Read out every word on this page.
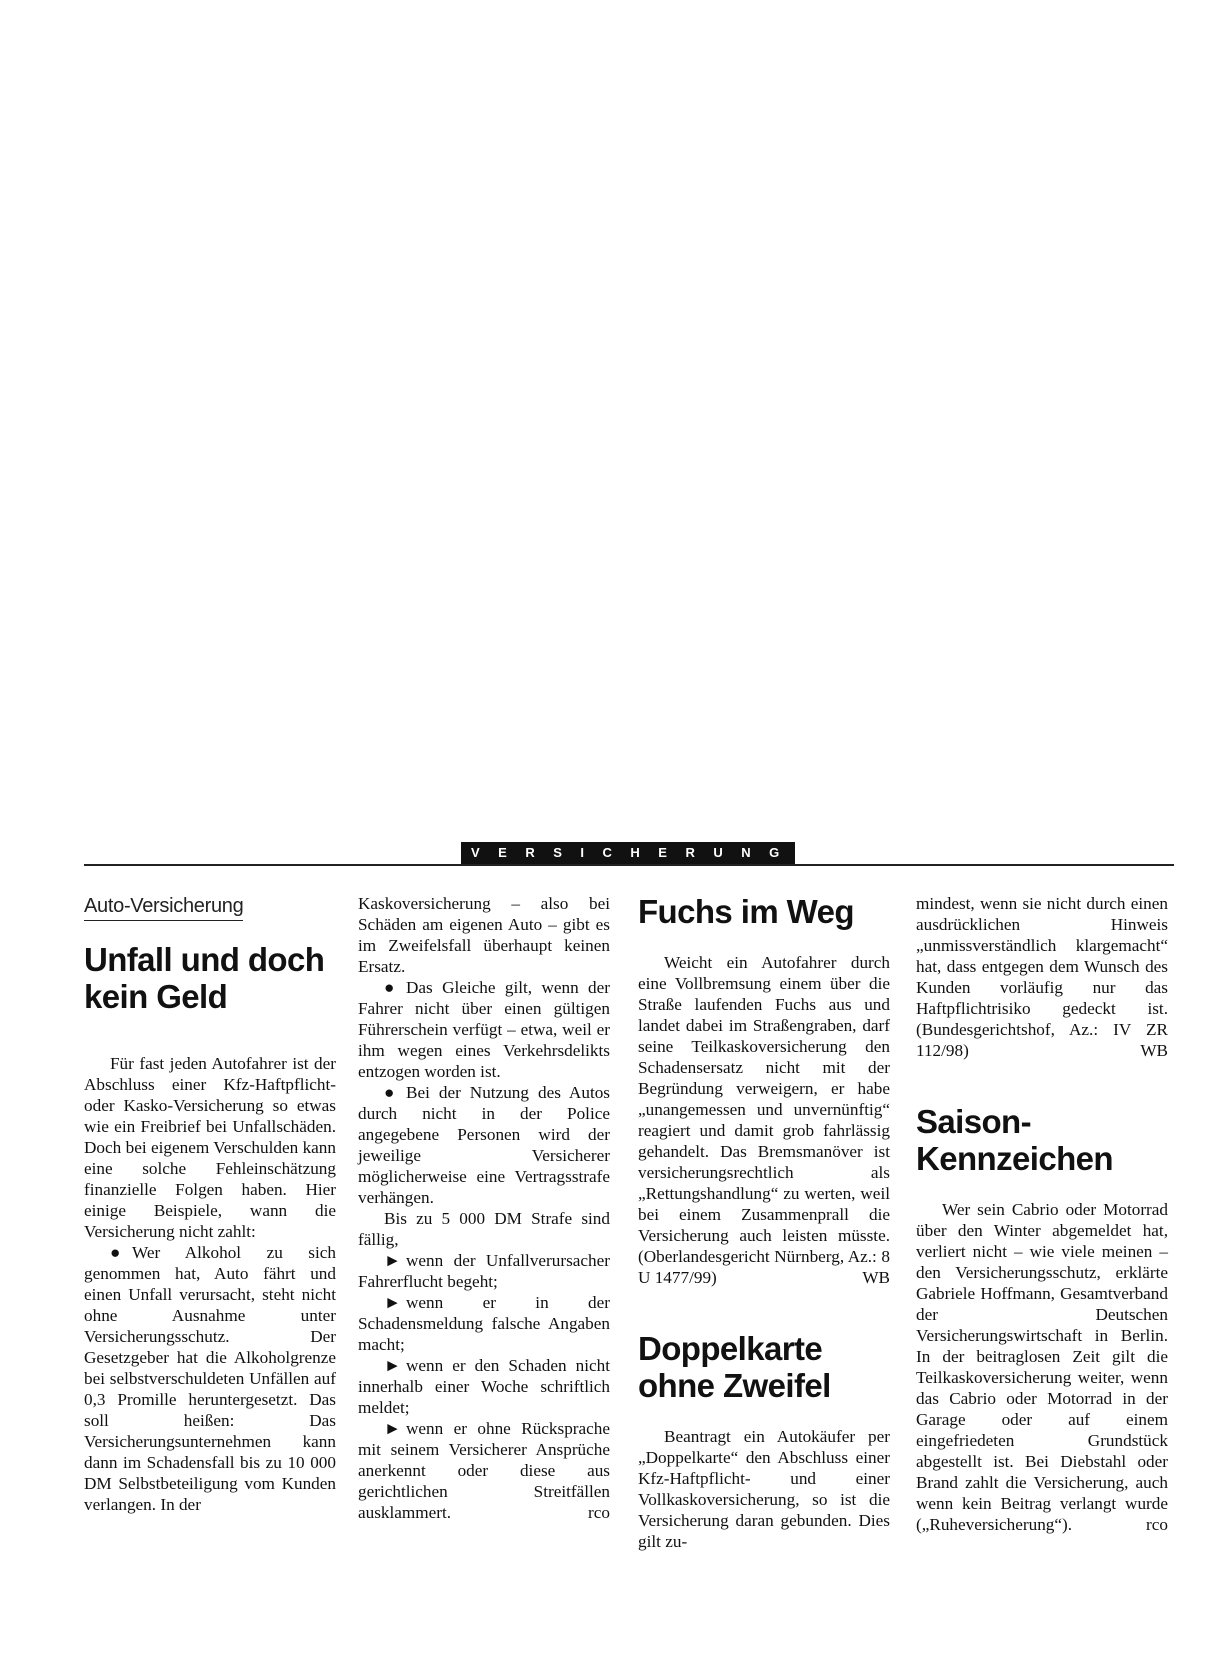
VERSICHERUNGEN
Auto-Versicherung
Unfall und doch kein Geld

Für fast jeden Autofahrer ist der Abschluss einer Kfz-Haftpflicht- oder Kasko-Versicherung so etwas wie ein Freibrief bei Unfallschäden. Doch bei eigenem Verschulden kann eine solche Fehleinschätzung finanzielle Folgen haben. Hier einige Beispiele, wann die Versicherung nicht zahlt:

● Wer Alkohol zu sich genommen hat, Auto fährt und einen Unfall verursacht, steht nicht ohne Ausnahme unter Versicherungsschutz. Der Gesetzgeber hat die Alkoholgrenze bei selbstverschuldeten Unfällen auf 0,3 Promille heruntergesetzt. Das soll heißen: Das Versicherungsunternehmen kann dann im Schadensfall bis zu 10 000 DM Selbstbeteiligung vom Kunden verlangen. In der

Kaskoversicherung – also bei Schäden am eigenen Auto – gibt es im Zweifelsfall überhaupt keinen Ersatz.

● Das Gleiche gilt, wenn der Fahrer nicht über einen gültigen Führerschein verfügt – etwa, weil er ihm wegen eines Verkehrsdelikts entzogen worden ist.

● Bei der Nutzung des Autos durch nicht in der Police angegebene Personen wird der jeweilige Versicherer möglicherweise eine Vertragsstrafe verhängen.

Bis zu 5 000 DM Strafe sind fällig,

► wenn der Unfallverursacher Fahrerflucht begeht;

► wenn er in der Schadensmeldung falsche Angaben macht;

► wenn er den Schaden nicht innerhalb einer Woche schriftlich meldet;

► wenn er ohne Rücksprache mit seinem Versicherer Ansprüche anerkennt oder diese aus gerichtlichen Streitfällen ausklammert.	rco

Fuchs im Weg

Weicht ein Autofahrer durch eine Vollbremsung einem über die Straße laufenden Fuchs aus und landet dabei im Straßengraben, darf seine Teilkaskoversicherung den Schadensersatz nicht mit der Begründung verweigern, er habe „unangemessen und unvernünftig“ reagiert und damit grob fahrlässig gehandelt. Das Bremsmanöver ist versicherungsrechtlich als „Rettungshandlung“ zu werten, weil bei einem Zusammenprall die Versicherung auch leisten müsste. (Oberlandesgericht Nürnberg, Az.: 8 U 1477/99)	WB

Doppelkarte ohne Zweifel

Beantragt ein Autokäufer per „Doppelkarte“ den Abschluss einer Kfz-Haftpflicht- und einer Vollkaskoversicherung, so ist die Versicherung daran gebunden. Dies gilt zu-

mindest, wenn sie nicht durch einen ausdrücklichen Hinweis „unmissverständlich klargemacht“ hat, dass entgegen dem Wunsch des Kunden vorläufig nur das Haftpflichtrisiko gedeckt ist. (Bundesgerichtshof, Az.: IV ZR 112/98)	WB

Saison-Kennzeichen

Wer sein Cabrio oder Motorrad über den Winter abgemeldet hat, verliert nicht – wie viele meinen – den Versicherungsschutz, erklärte Gabriele Hoffmann, Gesamtverband der Deutschen Versicherungswirtschaft in Berlin. In der beitraglosen Zeit gilt die Teilkaskoversicherung weiter, wenn das Cabrio oder Motorrad in der Garage oder auf einem eingefriedeten Grundstück abgestellt ist. Bei Diebstahl oder Brand zahlt die Versicherung, auch wenn kein Beitrag verlangt wurde („Ruheversicherung“).	rco
